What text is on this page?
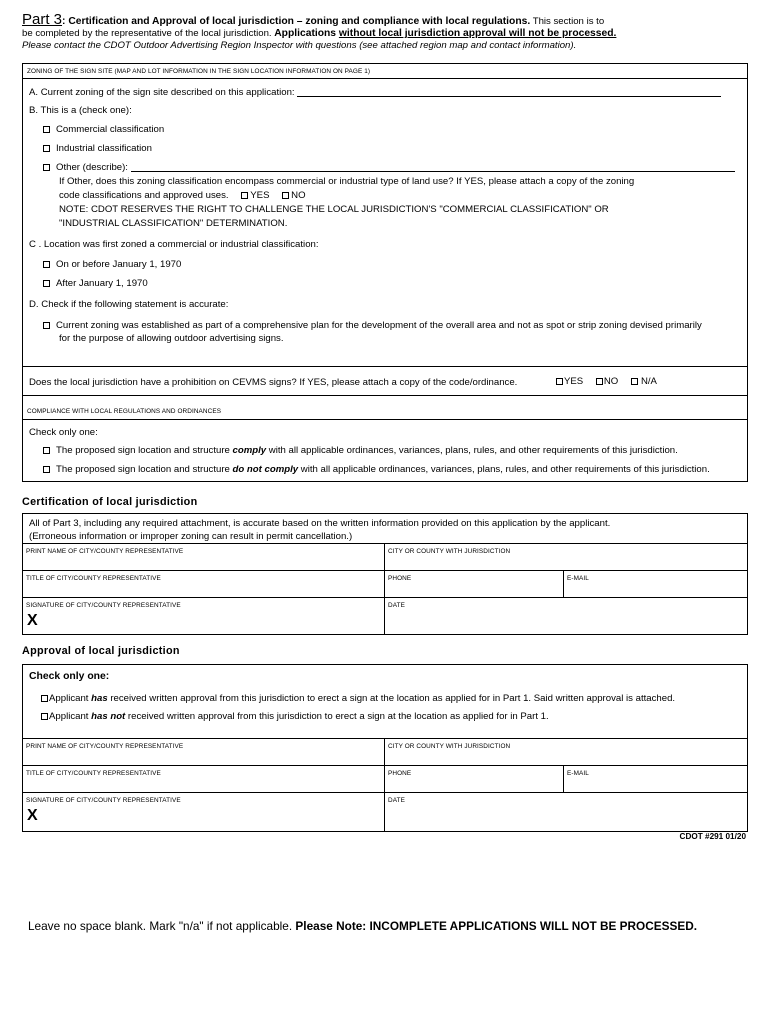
Part 3: Certification and Approval of local jurisdiction – zoning and compliance with local regulations. This section is to
be completed by the representative of the local jurisdiction. Applications without local jurisdiction approval will not be processed.
Please contact the CDOT Outdoor Advertising Region Inspector with questions (see attached region map and contact information).
ZONING OF THE SIGN SITE (MAP AND LOT INFORMATION IN THE SIGN LOCATION INFORMATION ON PAGE 1)
A. Current zoning of the sign site described on this application:
B. This is a (check one):
Commercial classification
Industrial classification
Other (describe):
If Other, does this zoning classification encompass commercial or industrial type of land use? If YES, please attach a copy of the zoning
code classifications and approved uses. YES NO
NOTE: CDOT RESERVES THE RIGHT TO CHALLENGE THE LOCAL JURISDICTION'S "COMMERCIAL CLASSIFICATION" OR
"INDUSTRIAL CLASSIFICATION" DETERMINATION.
C . Location was first zoned a commercial or industrial classification:
On or before January 1, 1970
After January 1, 1970
D. Check if the following statement is accurate:
Current zoning was established as part of a comprehensive plan for the development of the overall area and not as spot or strip zoning devised primarily
for the purpose of allowing outdoor advertising signs.
Does the local jurisdiction have a prohibition on CEVMS signs? If YES, please attach a copy of the code/ordinance.	YES NO N/A
COMPLIANCE WITH LOCAL REGULATIONS AND ORDINANCES
Check only one:
The proposed sign location and structure comply with all applicable ordinances, variances, plans, rules, and other requirements of this jurisdiction.
The proposed sign location and structure do not comply with all applicable ordinances, variances, plans, rules, and other requirements of this jurisdiction.
Certification of local jurisdiction
All of Part 3, including any required attachment, is accurate based on the written information provided on this application by the applicant.
(Erroneous information or improper zoning can result in permit cancellation.)
PRINT NAME OF CITY/COUNTY REPRESENTATIVE	CITY OR COUNTY WITH JURISDICTION
TITLE OF CITY/COUNTY REPRESENTATIVE	PHONE	E-MAIL
SIGNATURE OF CITY/COUNTY REPRESENTATIVE
X
DATE
Approval of local jurisdiction
Check only one:
Applicant has received written approval from this jurisdiction to erect a sign at the location as applied for in Part 1. Said written approval is attached.
Applicant has not received written approval from this jurisdiction to erect a sign at the location as applied for in Part 1.
PRINT NAME OF CITY/COUNTY REPRESENTATIVE	CITY OR COUNTY WITH JURISDICTION
TITLE OF CITY/COUNTY REPRESENTATIVE	PHONE	E-MAIL
SIGNATURE OF CITY/COUNTY REPRESENTATIVE
X
DATE
CDOT #291 01/20
Leave no space blank. Mark "n/a" if not applicable. Please Note: INCOMPLETE APPLICATIONS WILL NOT BE PROCESSED.
